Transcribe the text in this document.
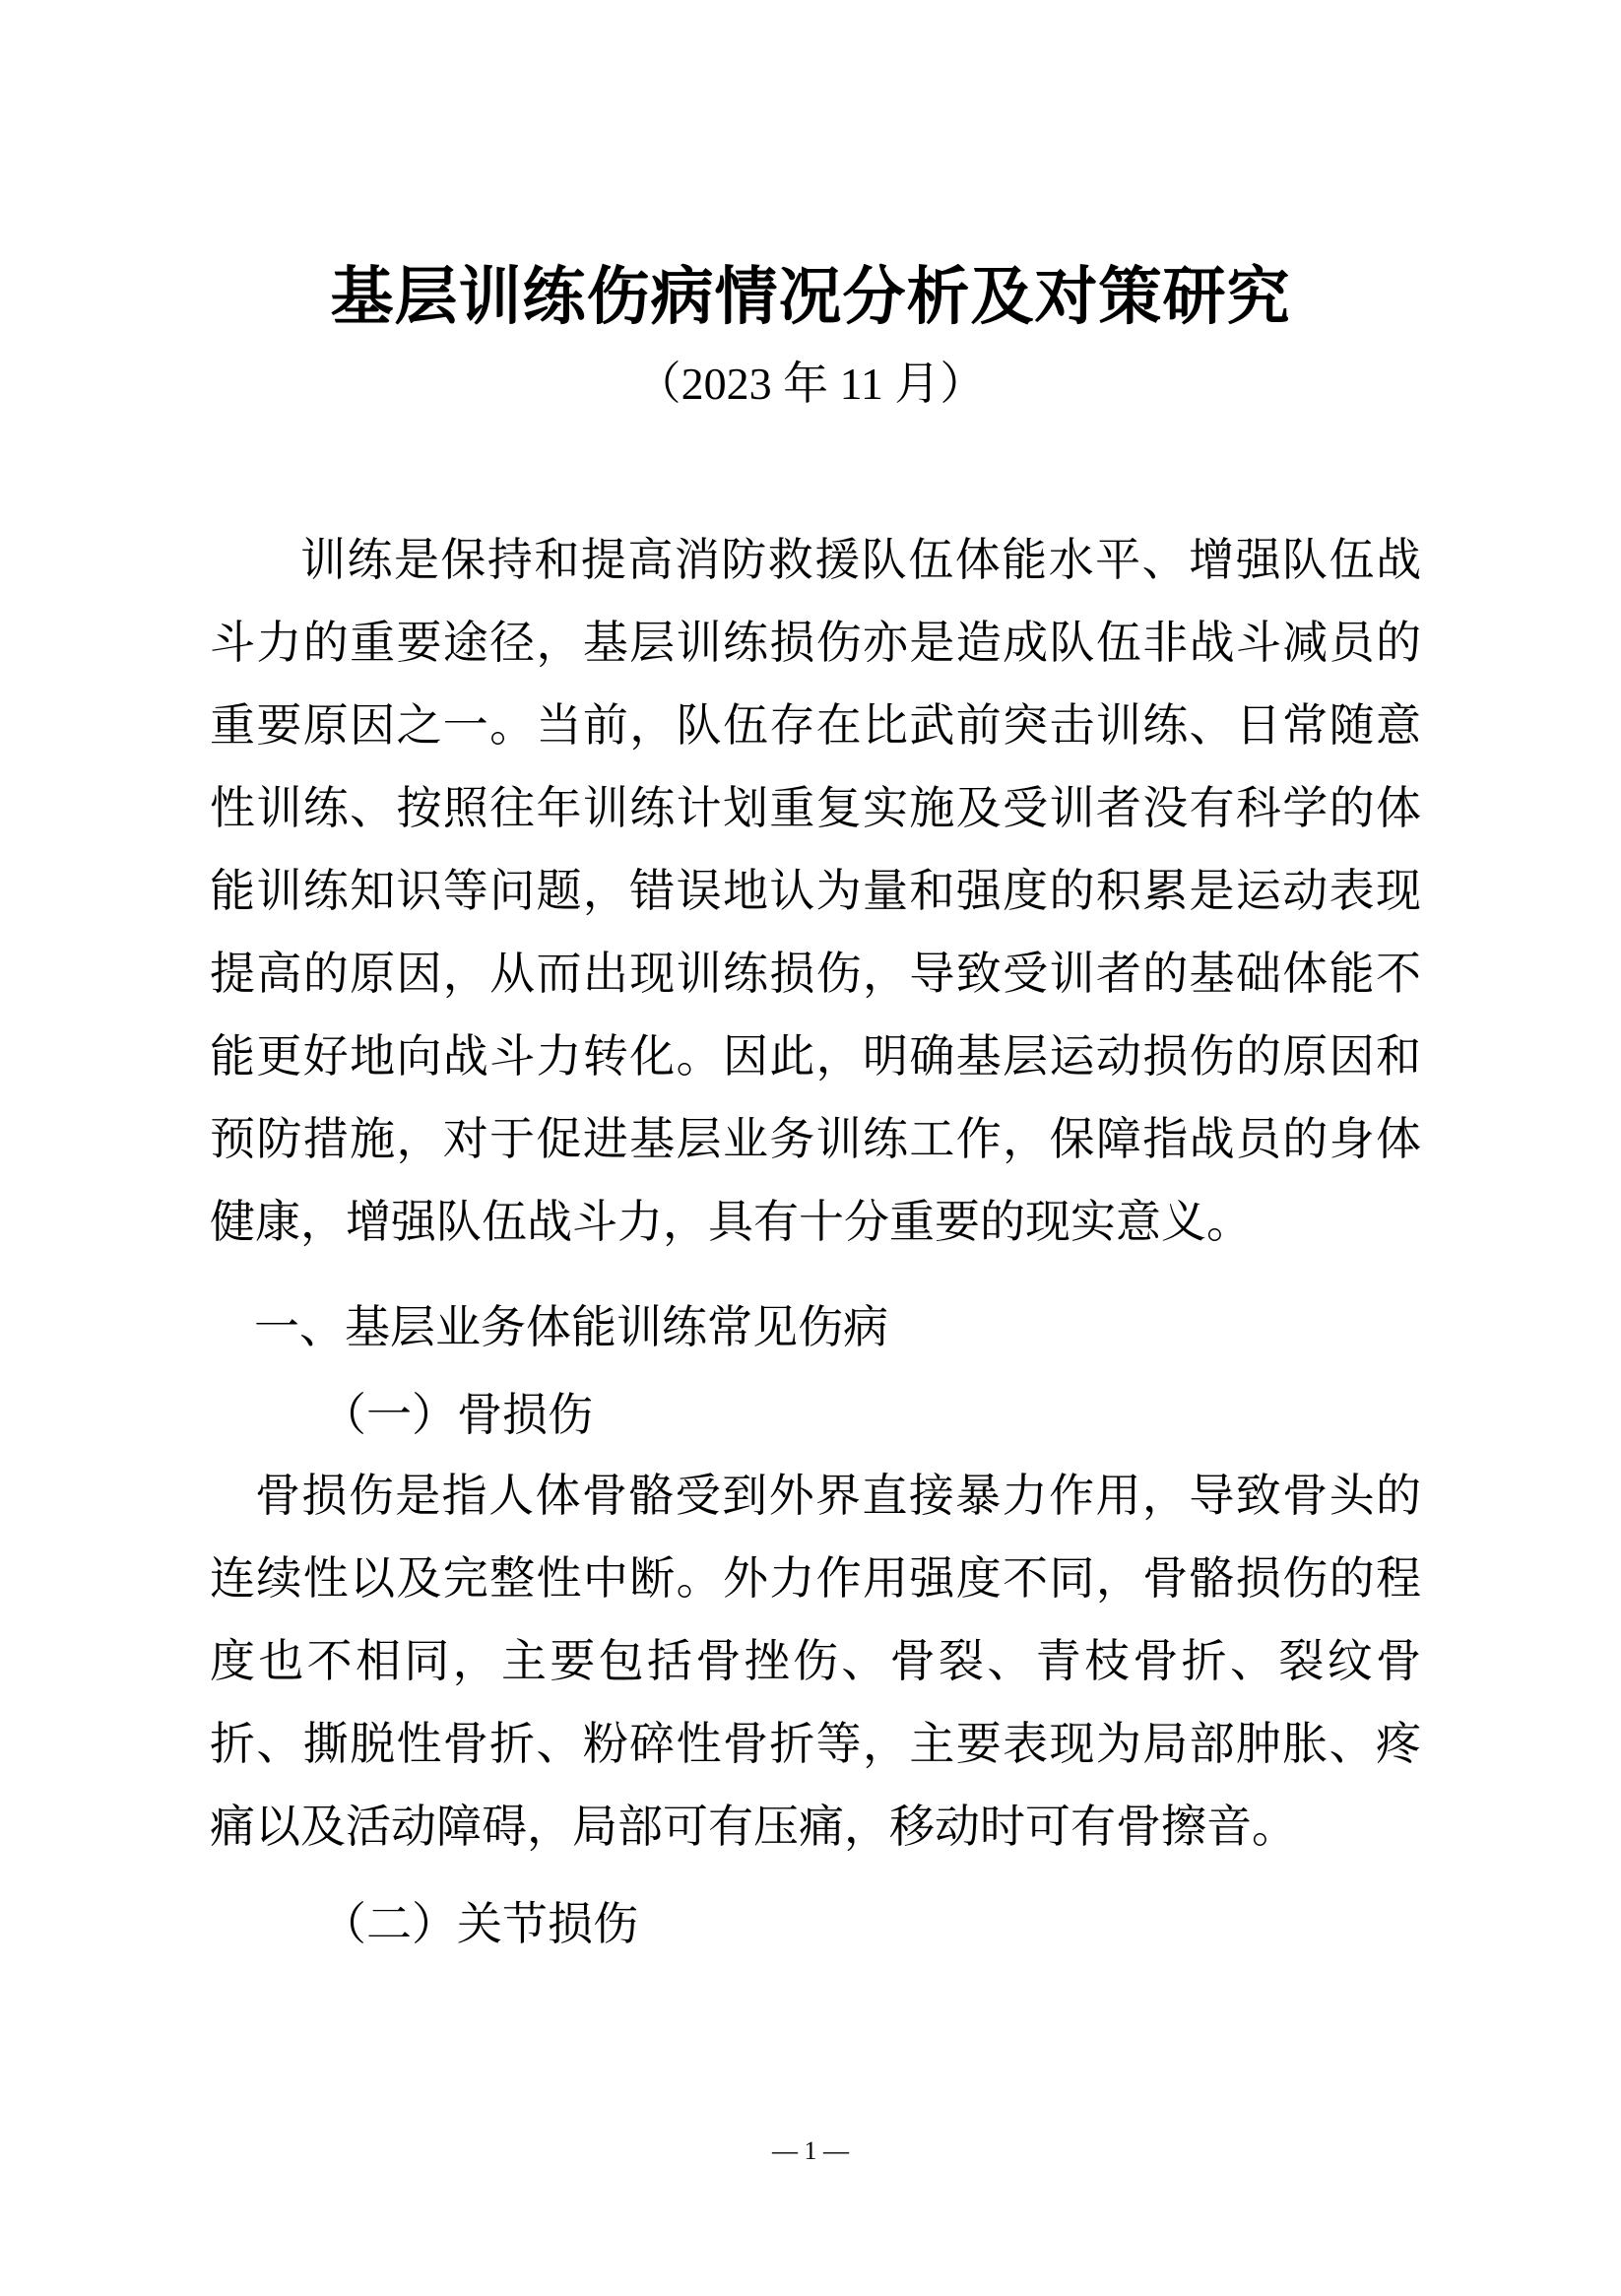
基层训练伤病情况分析及对策研究

（2023 年 11 月）

训练是保持和提高消防救援队伍体能水平、增强队伍战斗力的重要途径，基层训练损伤亦是造成队伍非战斗减员的重要原因之一。当前，队伍存在比武前突击训练、日常随意性训练、按照往年训练计划重复实施及受训者没有科学的体能训练知识等问题，错误地认为量和强度的积累是运动表现提高的原因，从而出现训练损伤，导致受训者的基础体能不能更好地向战斗力转化。因此，明确基层运动损伤的原因和预防措施，对于促进基层业务训练工作，保障指战员的身体健康，增强队伍战斗力，具有十分重要的现实意义。

一、基层业务体能训练常见伤病

（一）骨损伤

骨损伤是指人体骨骼受到外界直接暴力作用，导致骨头的连续性以及完整性中断。外力作用强度不同，骨骼损伤的程度也不相同，主要包括骨挫伤、骨裂、青枝骨折、裂纹骨折、撕脱性骨折、粉碎性骨折等，主要表现为局部肿胀、疼痛以及活动障碍，局部可有压痛，移动时可有骨擦音。

（二）关节损伤

— 1 —
